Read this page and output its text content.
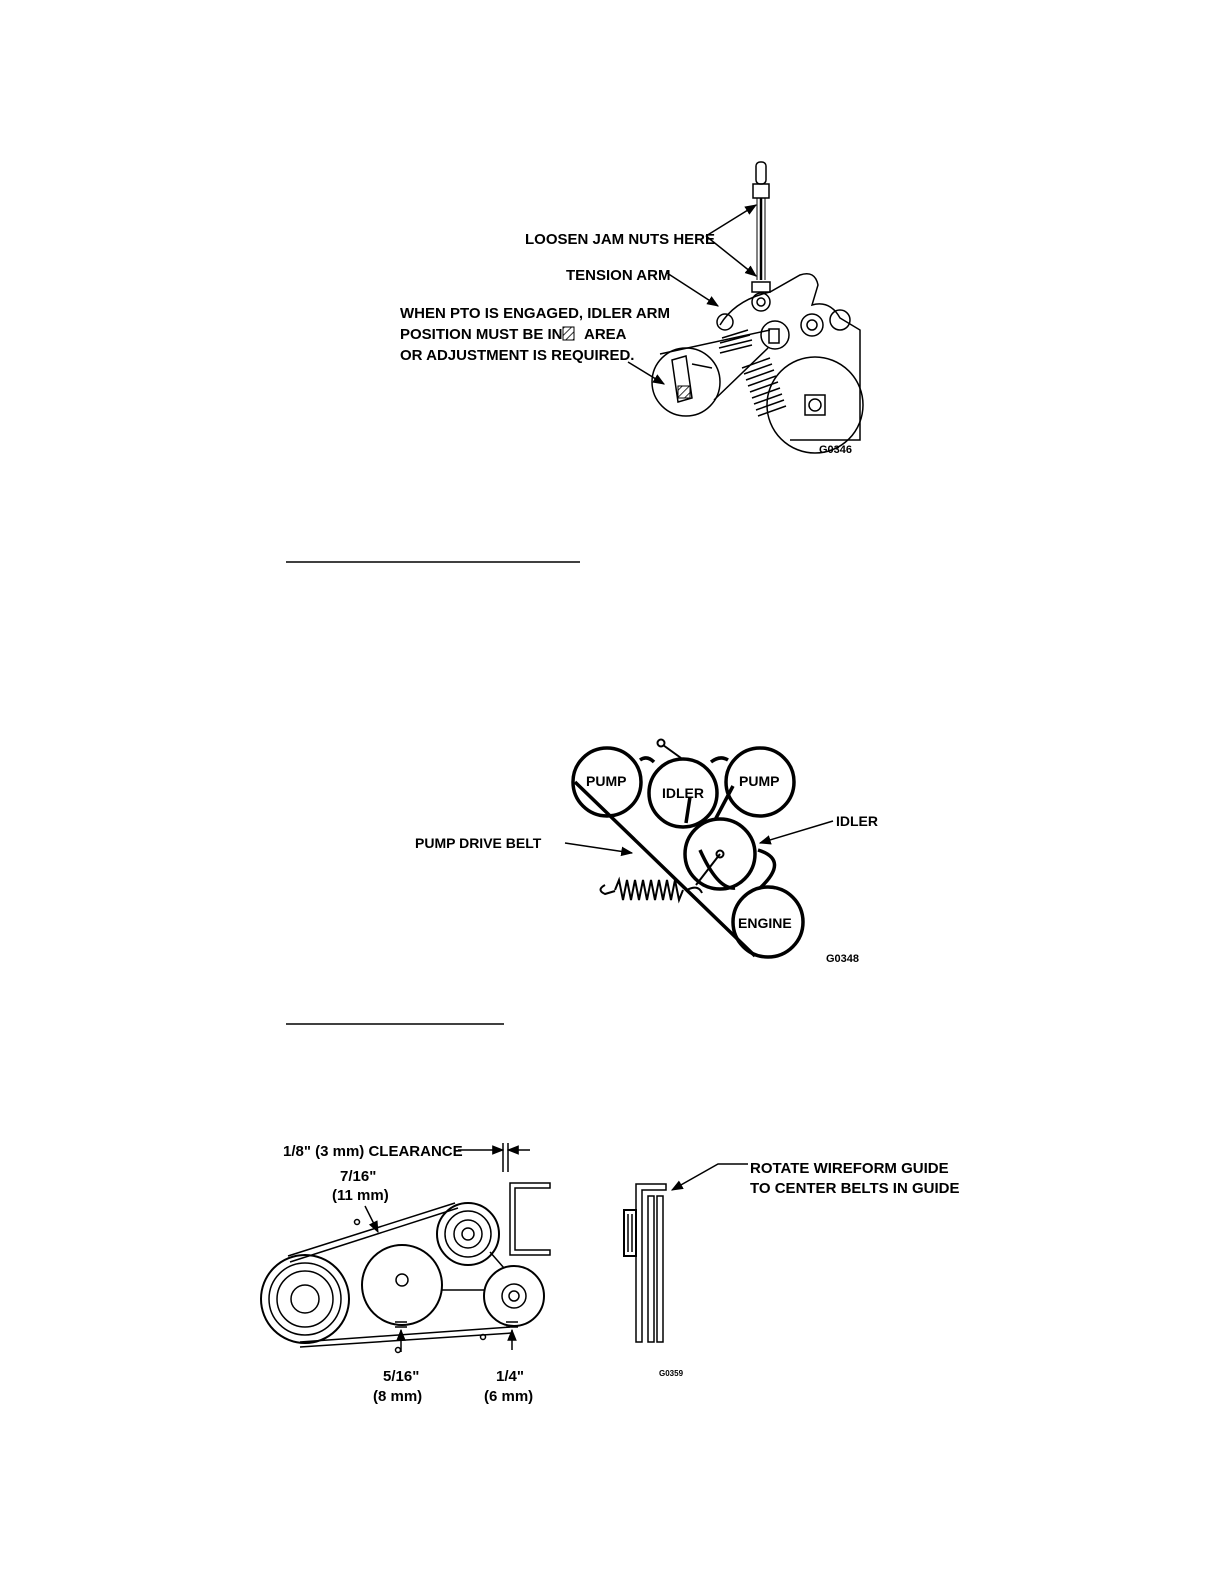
LOOSEN JAM NUTS HERE
TENSION ARM
WHEN PTO IS ENGAGED, IDLER ARM
POSITION MUST BE IN AREA
OR ADJUSTMENT IS REQUIRED.
G0346
PUMP
IDLER
PUMP
IDLER
PUMP DRIVE BELT
ENGINE
G0348
1/8" (3 mm) CLEARANCE
7/16"
(11 mm)
5/16"
(8 mm)
1/4"
(6 mm)
ROTATE WIREFORM GUIDE
TO CENTER BELTS IN GUIDE
G0359
